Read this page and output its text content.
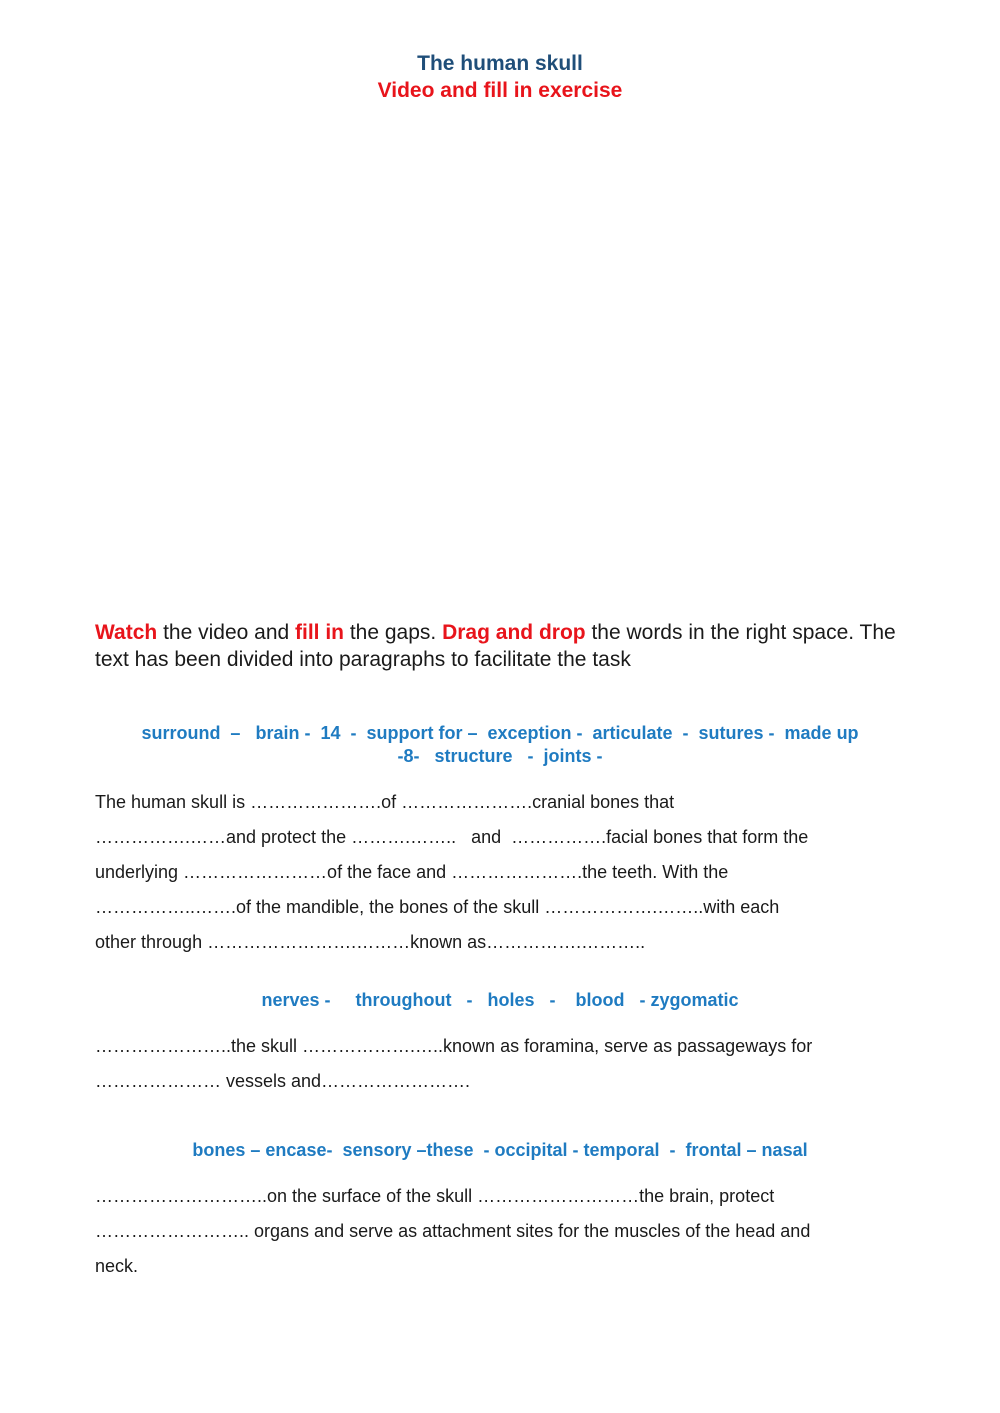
The human skull
Video and fill in exercise

Watch the video and fill in the gaps. Drag and drop the words in the right space. The text has been divided into paragraphs to facilitate the task

surround  –   brain -  14  -  support for –  exception -  articulate  -  sutures -  made up
-8-   structure   -  joints -

The human skull is ………………….of ………………….cranial bones that
…………….……and protect the ……….……..   and  …………….facial bones that form the
underlying ……………………of the face and ………………….the teeth. With the
……………..…….of the mandible, the bones of the skull ……………….……..with each
other through …………………….………known as…………….………..

nerves -     throughout   -   holes   -    blood   - zygomatic

…………………..the skull ……………….…..known as foramina, serve as passageways for
………………… vessels and…………………….

bones – encase-  sensory –these  - occipital - temporal  -  frontal – nasal

………………………..on the surface of the skull ………………………the brain, protect
…………………….. organs and serve as attachment sites for the muscles of the head and
neck.
